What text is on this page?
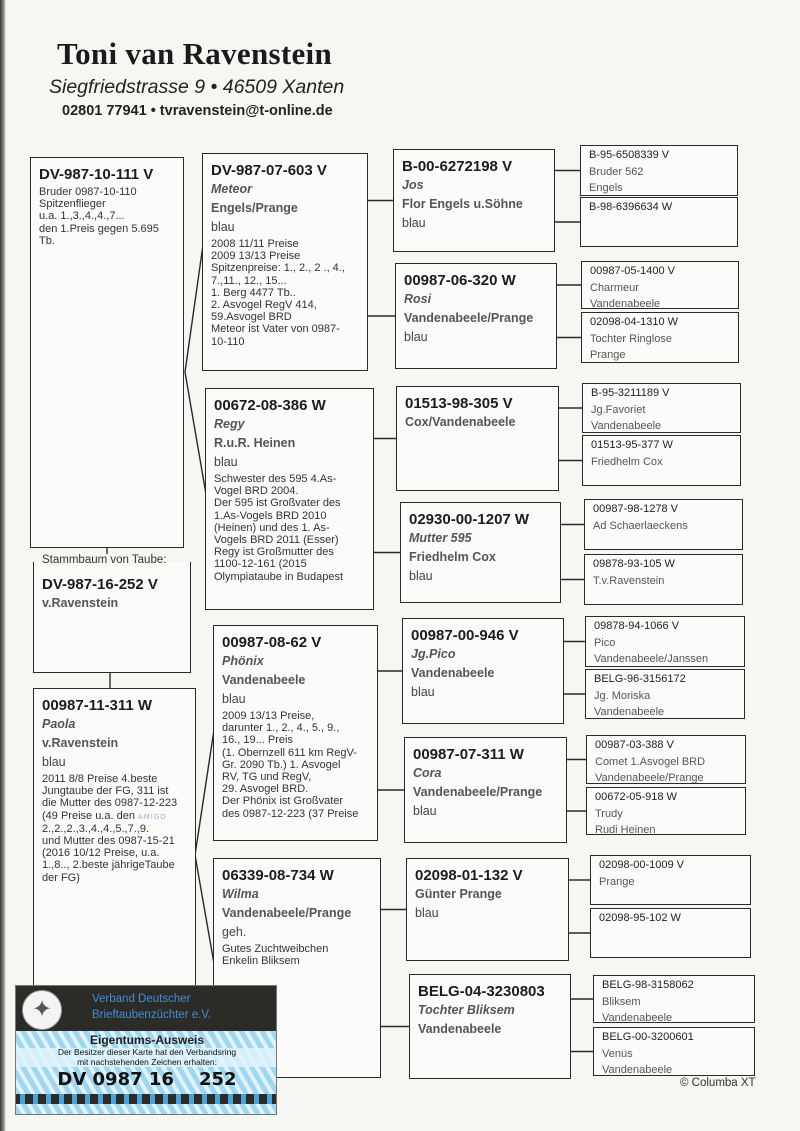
Toni van Ravenstein
Siegfriedstrasse 9 • 46509 Xanten
02801 77941 • tvravenstein@t-online.de
DV-987-10-111 V
Bruder 0987-10-110
Spitzenflieger
u.a. 1.,3.,4.,4.,7...
den 1.Preis gegen 5.695
Tb.
DV-987-16-252 V
v.Ravenstein
00987-11-311 W
Paola
v.Ravenstein
blau
2011 8/8 Preise 4.beste
Jungtaube der FG, 311 ist
die Mutter des 0987-12-223
(49 Preise u.a. den AMIGO
2.,2.,2.,3.,4.,4.,5.,7.,9.
und Mutter des 0987-15-21
(2016 10/12 Preise, u.a.
1.,8.., 2.beste jährigeTaube
der FG)
DV-987-07-603 V
Meteor
Engels/Prange
blau
2008 11/11 Preise
2009 13/13 Preise
Spitzenpreise: 1., 2., 2 ., 4.,
7.,11., 12., 15...
1. Berg 4477 Tb..
2. Asvogel RegV 414,
59.Asvogel BRD
Meteor ist Vater von 0987-
10-110
00672-08-386 W
Regy
R.u.R. Heinen
blau
Schwester des 595 4.As-
Vogel BRD 2004.
Der 595 ist Großvater des
1.As-Vogels BRD 2010
(Heinen) und des 1. As-
Vogels BRD 2011 (Esser)
Regy ist Großmutter des
1100-12-161 (2015
Olympiataube in Budapest
00987-08-62 V
Phönix
Vandenabeele
blau
2009 13/13 Preise,
darunter 1., 2., 4., 5., 9.,
16., 19... Preis
(1. Obernzell 611 km RegV-
Gr. 2090 Tb.) 1. Asvogel
RV, TG und RegV,
29. Asvogel BRD.
Der Phönix ist Großvater
des 0987-12-223 (37 Preise
06339-08-734 W
Wilma
Vandenabeele/Prange
geh.
Gutes Zuchtweibchen
Enkelin Bliksem
B-00-6272198 V
Jos
Flor Engels u.Söhne
blau
00987-06-320 W
Rosi
Vandenabeele/Prange
blau
01513-98-305 V
Cox/Vandenabeele
02930-00-1207 W
Mutter 595
Friedhelm Cox
blau
00987-00-946 V
Jg.Pico
Vandenabeele
blau
00987-07-311 W
Cora
Vandenabeele/Prange
blau
02098-01-132 V
Günter Prange
blau
BELG-04-3230803
Tochter Bliksem
Vandenabeele
B-95-6508339 V
Bruder 562
Engels
B-98-6396634 W
00987-05-1400 V
Charmeur
Vandenabeele
02098-04-1310 W
Tochter Ringlose
Prange
B-95-3211189 V
Jg.Favoriet
Vandenabeele
01513-95-377 W
Friedhelm Cox
00987-98-1278 V
Ad Schaerlaeckens
09878-93-105 W
T.v.Ravenstein
09878-94-1066 V
Pico
Vandenabeele/Janssen
BELG-96-3156172
Jg. Moriska
Vandenabeele
00987-03-388 V
Comet 1.Asvogel BRD
Vandenabeele/Prange
00672-05-918 W
Trudy
Rudi Heinen
02098-00-1009 V
Prange
02098-95-102 W
BELG-98-3158062
Bliksem
Vandenabeele
BELG-00-3200601
Venus
Vandenabeele
Stammbaum von Taube:
© Columba XT
✦	Verband Deutscher
Brieftaubenzüchter e.V.
Eigentums-Ausweis
Der Besitzer dieser Karte hat den Verbandsring
mit nachstehenden Zeichen erhalten:
DV 0987 16    252
